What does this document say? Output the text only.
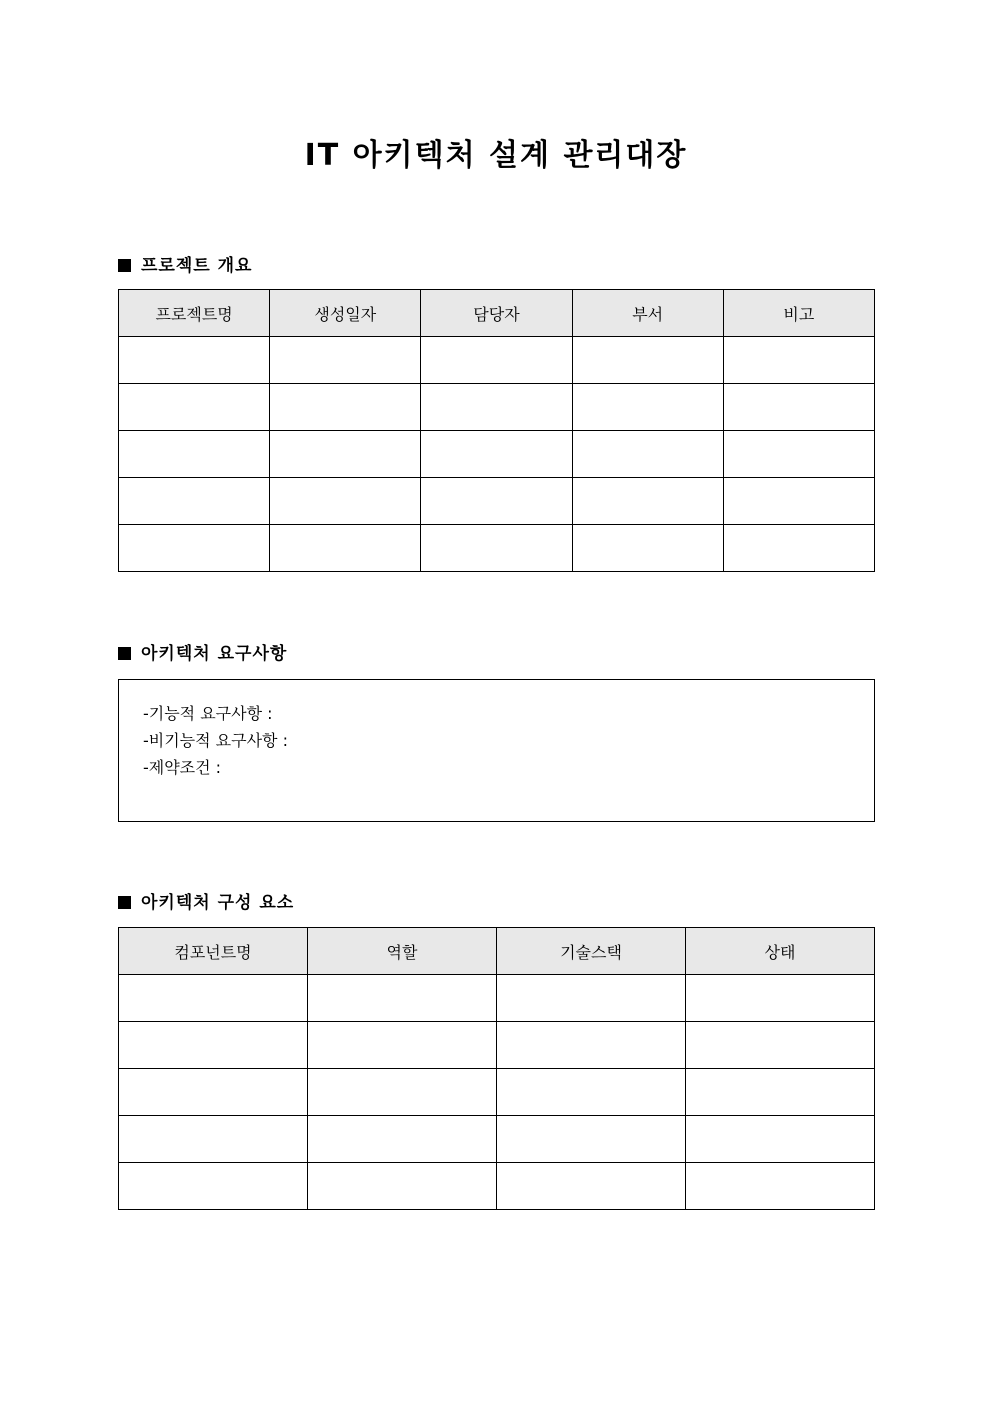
IT 아키텍처 설계 관리대장
프로젝트 개요
프로젝트명	생성일자	담당자	부서	비고

아키텍처 요구사항
-기능적 요구사항 :
-비기능적 요구사항 :
-제약조건 :
아키텍처 구성 요소
컴포넌트명	역할	기술스택	상태
